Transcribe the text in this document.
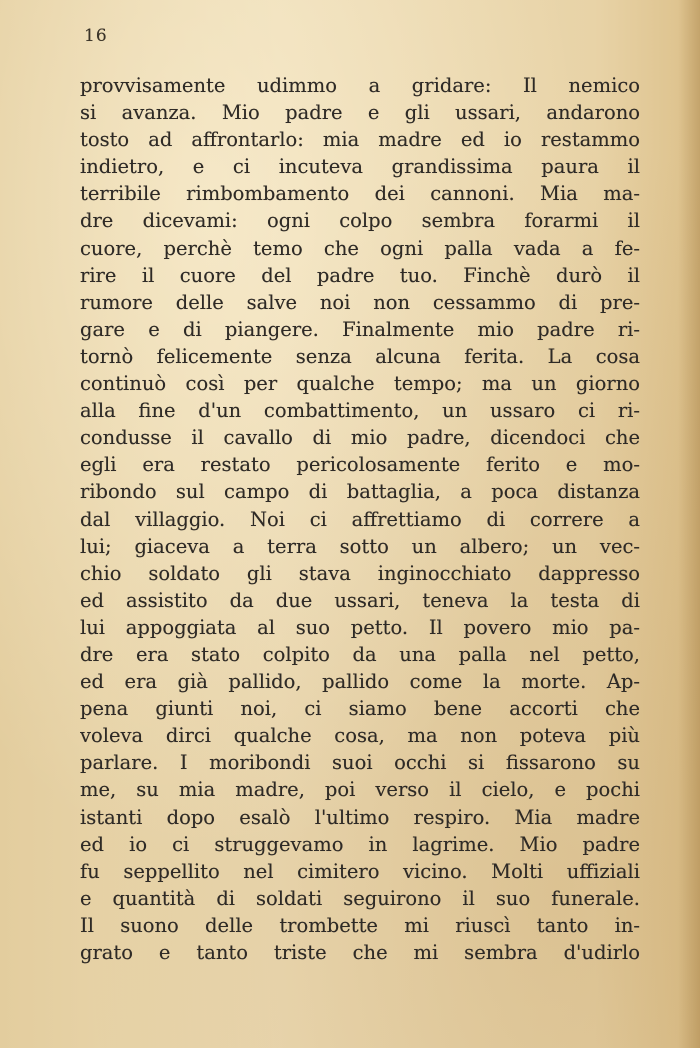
16
provvisamente udimmo a gridare: Il nemico
si avanza. Mio padre e gli ussari, andarono
tosto ad affrontarlo: mia madre ed io restammo
indietro, e ci incuteva grandissima paura il
terribile rimbombamento dei cannoni. Mia ma-
dre dicevami: ogni colpo sembra forarmi il
cuore, perchè temo che ogni palla vada a fe-
rire il cuore del padre tuo. Finchè durò il
rumore delle salve noi non cessammo di pre-
gare e di piangere. Finalmente mio padre ri-
tornò felicemente senza alcuna ferita. La cosa
continuò così per qualche tempo; ma un giorno
alla fine d'un combattimento, un ussaro ci ri-
condusse il cavallo di mio padre, dicendoci che
egli era restato pericolosamente ferito e mo-
ribondo sul campo di battaglia, a poca distanza
dal villaggio. Noi ci affrettiamo di correre a
lui; giaceva a terra sotto un albero; un vec-
chio soldato gli stava inginocchiato dappresso
ed assistito da due ussari, teneva la testa di
lui appoggiata al suo petto. Il povero mio pa-
dre era stato colpito da una palla nel petto,
ed era già pallido, pallido come la morte. Ap-
pena giunti noi, ci siamo bene accorti che
voleva dirci qualche cosa, ma non poteva più
parlare. I moribondi suoi occhi si fissarono su
me, su mia madre, poi verso il cielo, e pochi
istanti dopo esalò l'ultimo respiro. Mia madre
ed io ci struggevamo in lagrime. Mio padre
fu seppellito nel cimitero vicino. Molti uffiziali
e quantità di soldati seguirono il suo funerale.
Il suono delle trombette mi riuscì tanto in-
grato e tanto triste che mi sembra d'udirlo
